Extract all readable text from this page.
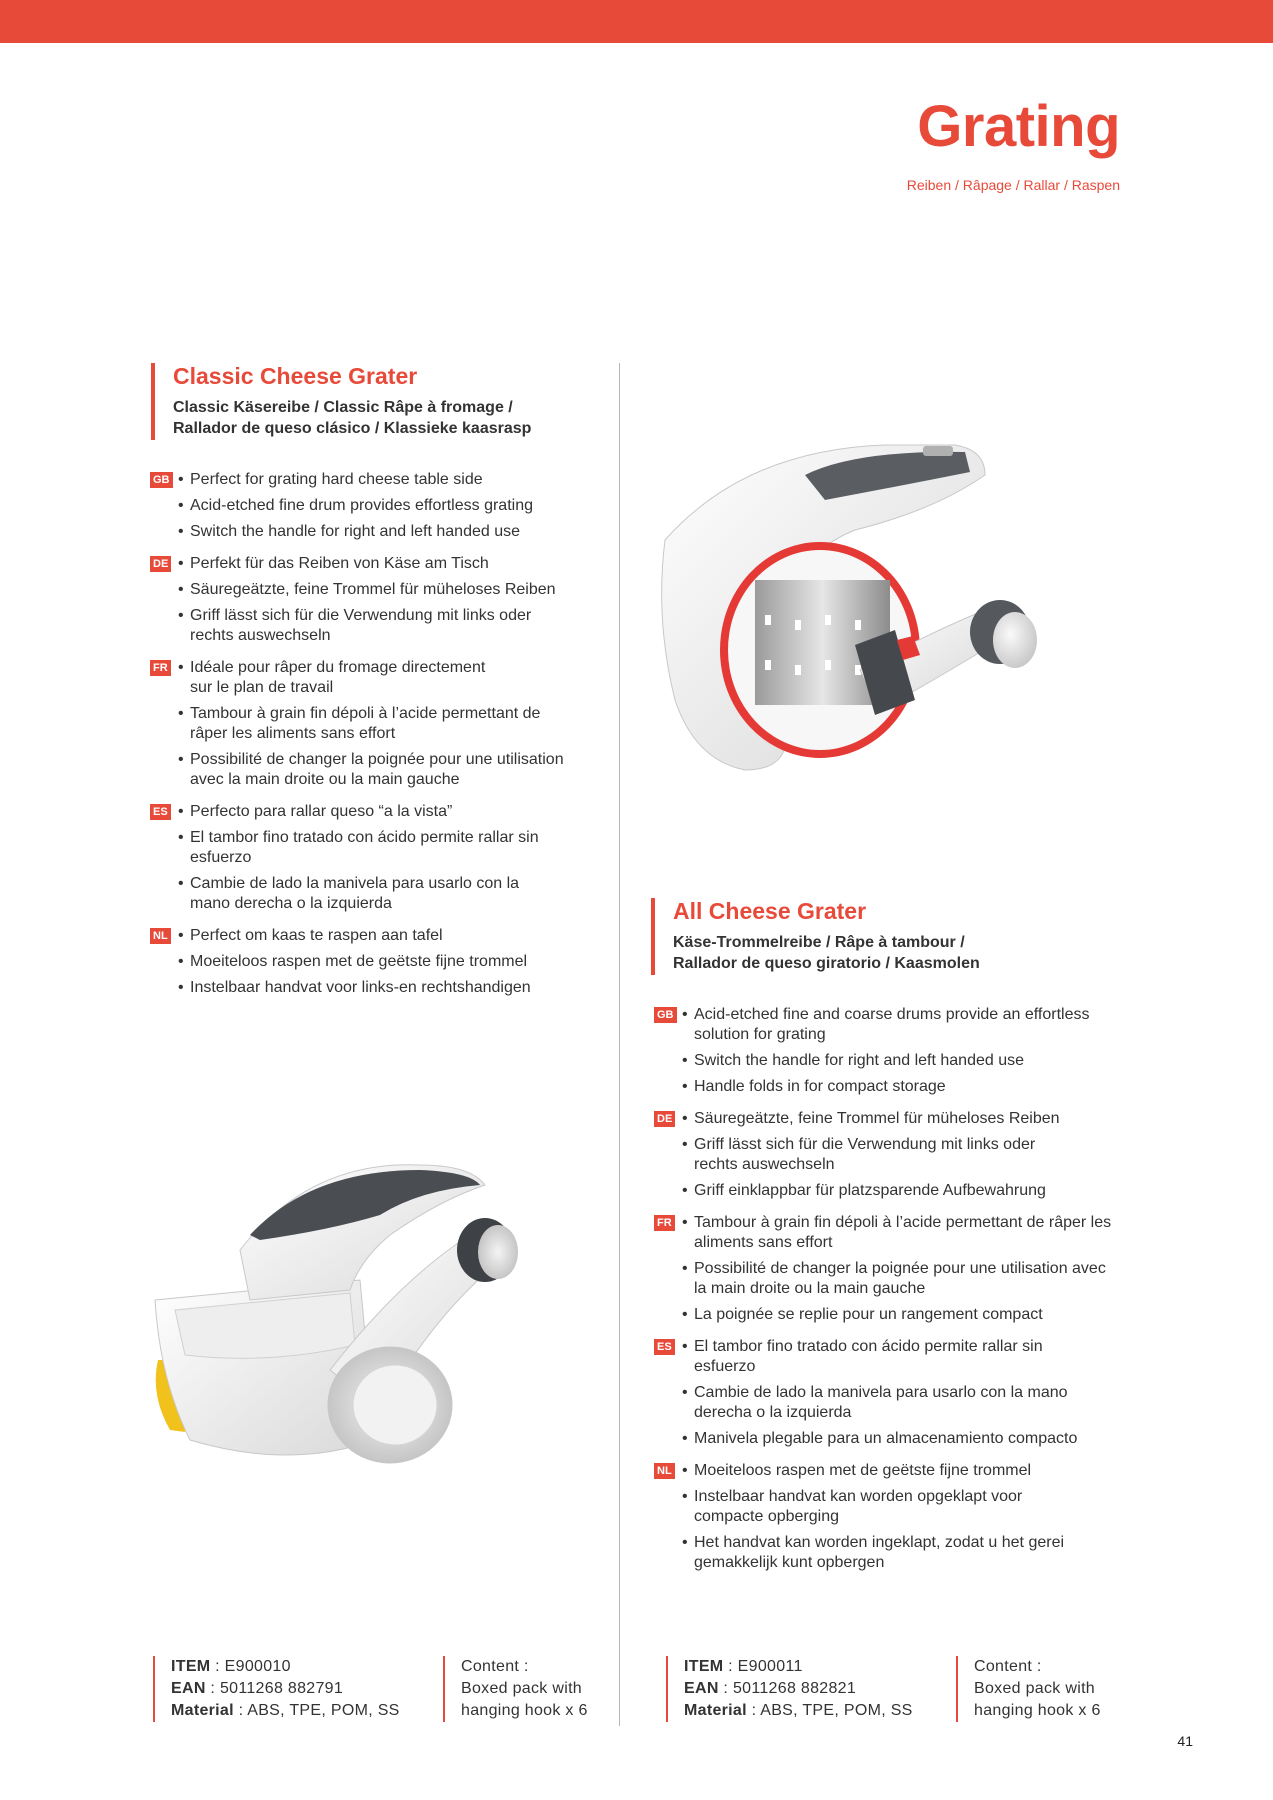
Grating
Reiben / Râpage / Rallar / Raspen
Classic Cheese Grater
Classic Käsereibe / Classic Râpe à fromage /
Rallador de queso clásico / Klassieke kaasrasp
GB	• Perfect for grating hard cheese table side
• Acid-etched fine drum provides effortless grating
• Switch the handle for right and left handed use
DE	• Perfekt für das Reiben von Käse am Tisch
• Säuregeätzte, feine Trommel für müheloses Reiben
• Griff lässt sich für die Verwendung mit links oder rechts auswechseln
FR	• Idéale pour râper du fromage directement sur le plan de travail
• Tambour à grain fin dépoli à l’acide permettant de râper les aliments sans effort
• Possibilité de changer la poignée pour une utilisation avec la main droite ou la main gauche
ES	• Perfecto para rallar queso “a la vista”
• El tambor fino tratado con ácido permite rallar sin esfuerzo
• Cambie de lado la manivela para usarlo con la mano derecha o la izquierda
NL	• Perfect om kaas te raspen aan tafel
• Moeiteloos raspen met de geëtste fijne trommel
• Instelbaar handvat voor links-en rechtshandigen
All Cheese Grater
Käse-Trommelreibe / Râpe à tambour /
Rallador de queso giratorio / Kaasmolen
GB	• Acid-etched fine and coarse drums provide an effortless solution for grating
• Switch the handle for right and left handed use
• Handle folds in for compact storage
DE	• Säuregeätzte, feine Trommel für müheloses Reiben
• Griff lässt sich für die Verwendung mit links oder rechts auswechseln
• Griff einklappbar für platzsparende Aufbewahrung
FR	• Tambour à grain fin dépoli à l’acide permettant de râper les aliments sans effort
• Possibilité de changer la poignée pour une utilisation avec la main droite ou la main gauche
• La poignée se replie pour un rangement compact
ES	• El tambor fino tratado con ácido permite rallar sin esfuerzo
• Cambie de lado la manivela para usarlo con la mano derecha o la izquierda
• Manivela plegable para un almacenamiento compacto
NL	• Moeiteloos raspen met de geëtste fijne trommel
• Instelbaar handvat kan worden opgeklapt voor compacte opberging
• Het handvat kan worden ingeklapt, zodat u het gerei gemakkelijk kunt opbergen
ITEM : E900010
EAN : 5011268 882791
Material : ABS, TPE, POM, SS
Content :
Boxed pack with
hanging hook x 6
ITEM : E900011
EAN : 5011268 882821
Material : ABS, TPE, POM, SS
Content :
Boxed pack with
hanging hook x 6
41
